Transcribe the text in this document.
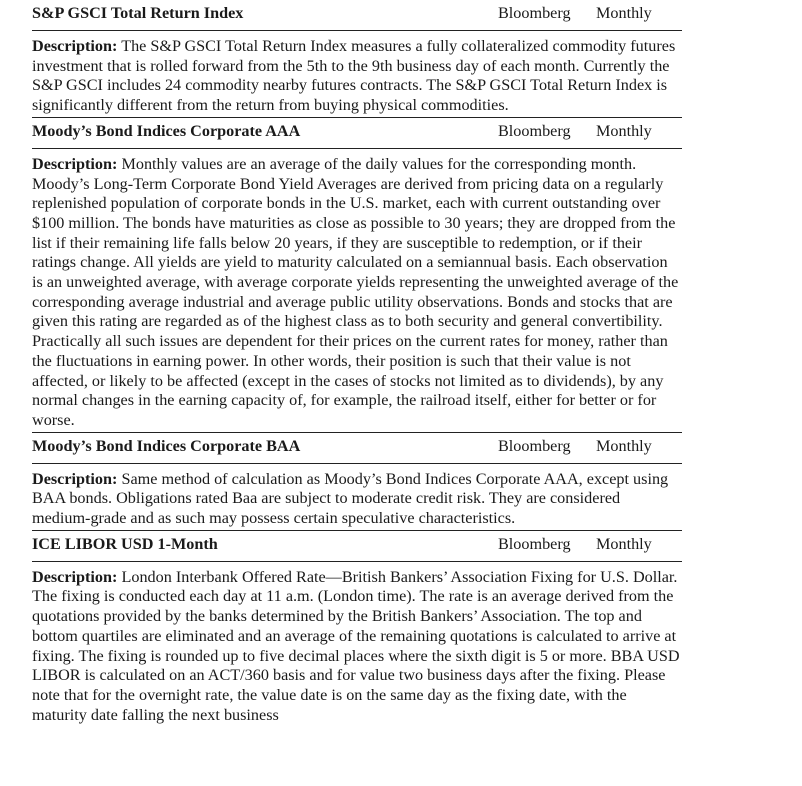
S&P GSCI Total Return Index	Bloomberg	Monthly

Description: The S&P GSCI Total Return Index measures a fully collateralized commodity futures investment that is rolled forward from the 5th to the 9th business day of each month. Currently the S&P GSCI includes 24 commodity nearby futures contracts. The S&P GSCI Total Return Index is significantly different from the return from buying physical commodities.

Moody’s Bond Indices Corporate AAA	Bloomberg	Monthly

Description: Monthly values are an average of the daily values for the corresponding month. Moody’s Long-Term Corporate Bond Yield Averages are derived from pricing data on a regularly replenished population of corporate bonds in the U.S. market, each with current outstanding over $100 million. The bonds have maturities as close as possible to 30 years; they are dropped from the list if their remaining life falls below 20 years, if they are susceptible to redemption, or if their ratings change. All yields are yield to maturity calculated on a semiannual basis. Each observation is an unweighted average, with average corporate yields representing the unweighted average of the corresponding average industrial and average public utility observations. Bonds and stocks that are given this rating are regarded as of the highest class as to both security and general convertibility. Practically all such issues are dependent for their prices on the current rates for money, rather than the fluctuations in earning power. In other words, their position is such that their value is not affected, or likely to be affected (except in the cases of stocks not limited as to dividends), by any normal changes in the earning capacity of, for example, the railroad itself, either for better or for worse.

Moody’s Bond Indices Corporate BAA	Bloomberg	Monthly

Description: Same method of calculation as Moody’s Bond Indices Corporate AAA, except using BAA bonds. Obligations rated Baa are subject to moderate credit risk. They are considered medium-grade and as such may possess certain speculative characteristics.

ICE LIBOR USD 1-Month	Bloomberg	Monthly

Description: London Interbank Offered Rate—British Bankers’ Association Fixing for U.S. Dollar. The fixing is conducted each day at 11 a.m. (London time). The rate is an average derived from the quotations provided by the banks determined by the British Bankers’ Association. The top and bottom quartiles are eliminated and an average of the remaining quotations is calculated to arrive at fixing. The fixing is rounded up to five decimal places where the sixth digit is 5 or more. BBA USD LIBOR is calculated on an ACT/360 basis and for value two business days after the fixing. Please note that for the overnight rate, the value date is on the same day as the fixing date, with the maturity date falling the next business
